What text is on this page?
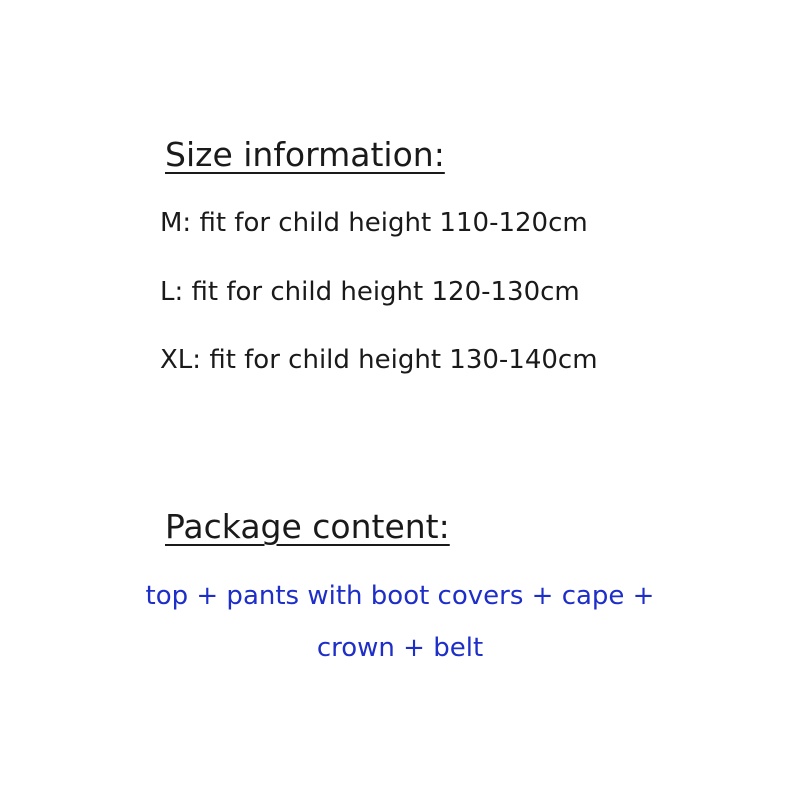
Size information:
M: fit for child height 110-120cm
L: fit for child height 120-130cm
XL: fit for child height 130-140cm
Package content:
top + pants with boot covers + cape +
crown + belt
